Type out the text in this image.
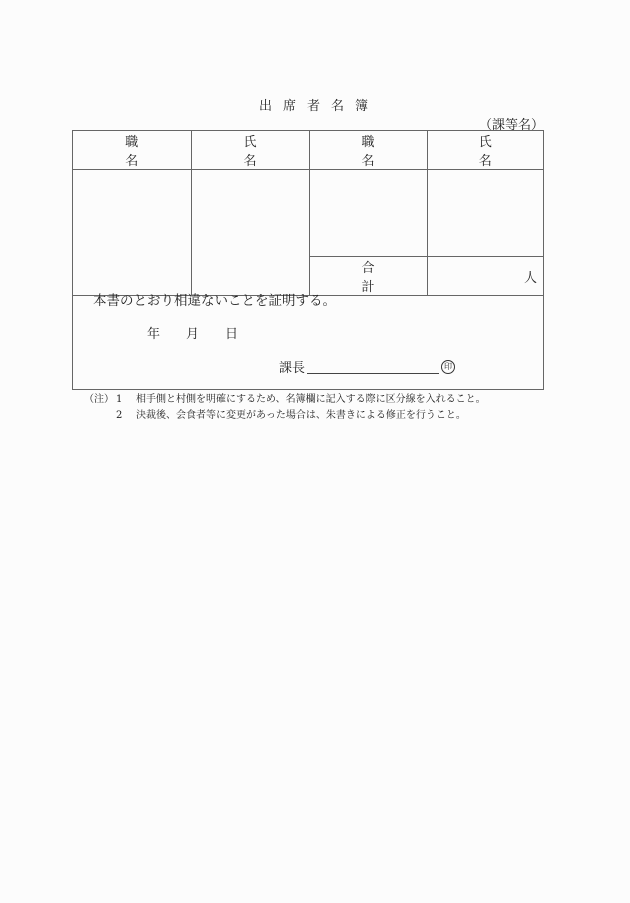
出席者名簿
（課等名）
職　名	氏　名	職　名	氏　名

		合　計	人
本書のとおり相違ないことを証明する。
年 月 日
課長	印
（注） 1	相手側と村側を明確にするため、名簿欄に記入する際に区分線を入れること。
2	決裁後、会食者等に変更があった場合は、朱書きによる修正を行うこと。
